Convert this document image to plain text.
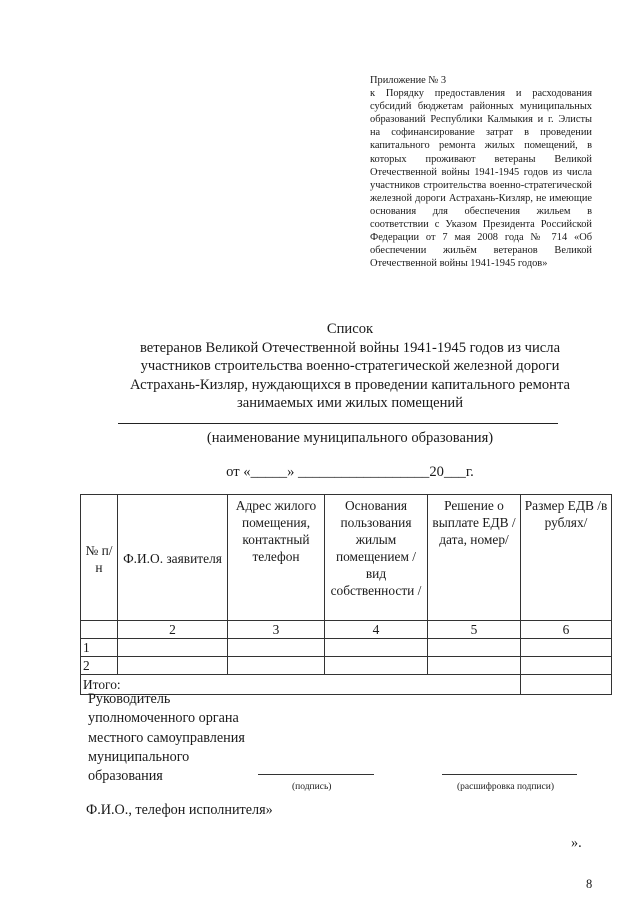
Приложение № 3
к Порядку предоставления и расходования субсидий бюджетам районных муниципальных образований Республики Калмыкия и г. Элисты на софинансирование затрат в проведении капитального ремонта жилых помещений, в которых проживают ветераны Великой Отечественной войны 1941-1945 годов из числа участников строительства военно-стратегической железной дороги Астрахань-Кизляр, не имеющие основания для обеспечения жильем в соответствии с Указом Президента Российской Федерации от 7 мая 2008 года № 714 «Об обеспечении жильём ветеранов Великой Отечественной войны 1941-1945 годов»
Список
ветеранов Великой Отечественной войны 1941-1945 годов из числа
участников строительства военно-стратегической железной дороги
Астрахань-Кизляр, нуждающихся в проведении капитального ремонта
занимаемых ими жилых помещений
(наименование муниципального образования)
от «_____» __________________20___г.
№ п/н	Ф.И.О. заявителя	Адрес жилого помещения, контактный телефон	Основания пользования жилым помещением /вид собственности /	Решение о выплате ЕДВ /дата, номер/	Размер ЕДВ /в рублях/
	2	3	4	5	6
1					
2					
Итого:					
Руководитель
уполномоченного органа
местного самоуправления
муниципального
образования
(подпись)	(расшифровка подписи)
Ф.И.О., телефон исполнителя»
».
8
